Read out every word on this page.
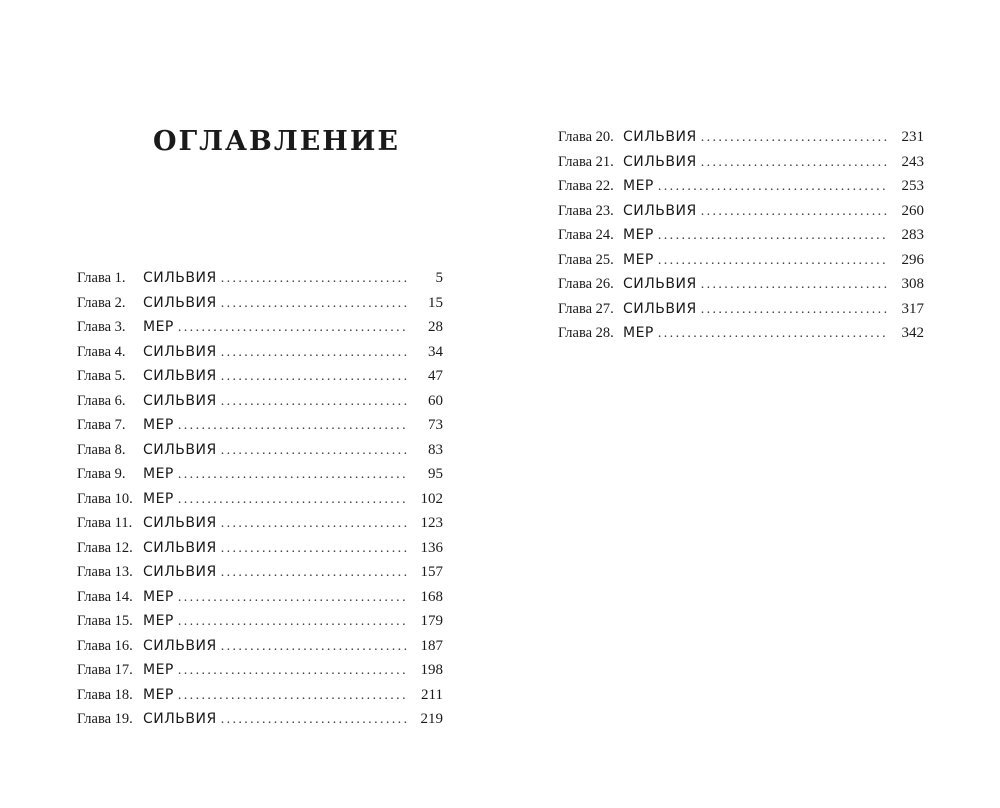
ОГЛАВЛЕНИЕ
Глава 1.	СИЛЬВИЯ .....	5
Глава 2.	СИЛЬВИЯ .....	15
Глава 3.	МЕР .....	28
Глава 4.	СИЛЬВИЯ .....	34
Глава 5.	СИЛЬВИЯ .....	47
Глава 6.	СИЛЬВИЯ .....	60
Глава 7.	МЕР .....	73
Глава 8.	СИЛЬВИЯ .....	83
Глава 9.	МЕР .....	95
Глава 10. МЕР .....	102
Глава 11. СИЛЬВИЯ .....	123
Глава 12. СИЛЬВИЯ .....	136
Глава 13. СИЛЬВИЯ .....	157
Глава 14. МЕР .....	168
Глава 15. МЕР .....	179
Глава 16. СИЛЬВИЯ .....	187
Глава 17. МЕР .....	198
Глава 18. МЕР .....	211
Глава 19. СИЛЬВИЯ .....	219
Глава 20. СИЛЬВИЯ .....	231
Глава 21. СИЛЬВИЯ .....	243
Глава 22. МЕР .....	253
Глава 23. СИЛЬВИЯ .....	260
Глава 24. МЕР .....	283
Глава 25. МЕР .....	296
Глава 26. СИЛЬВИЯ .....	308
Глава 27. СИЛЬВИЯ .....	317
Глава 28. МЕР .....	342
